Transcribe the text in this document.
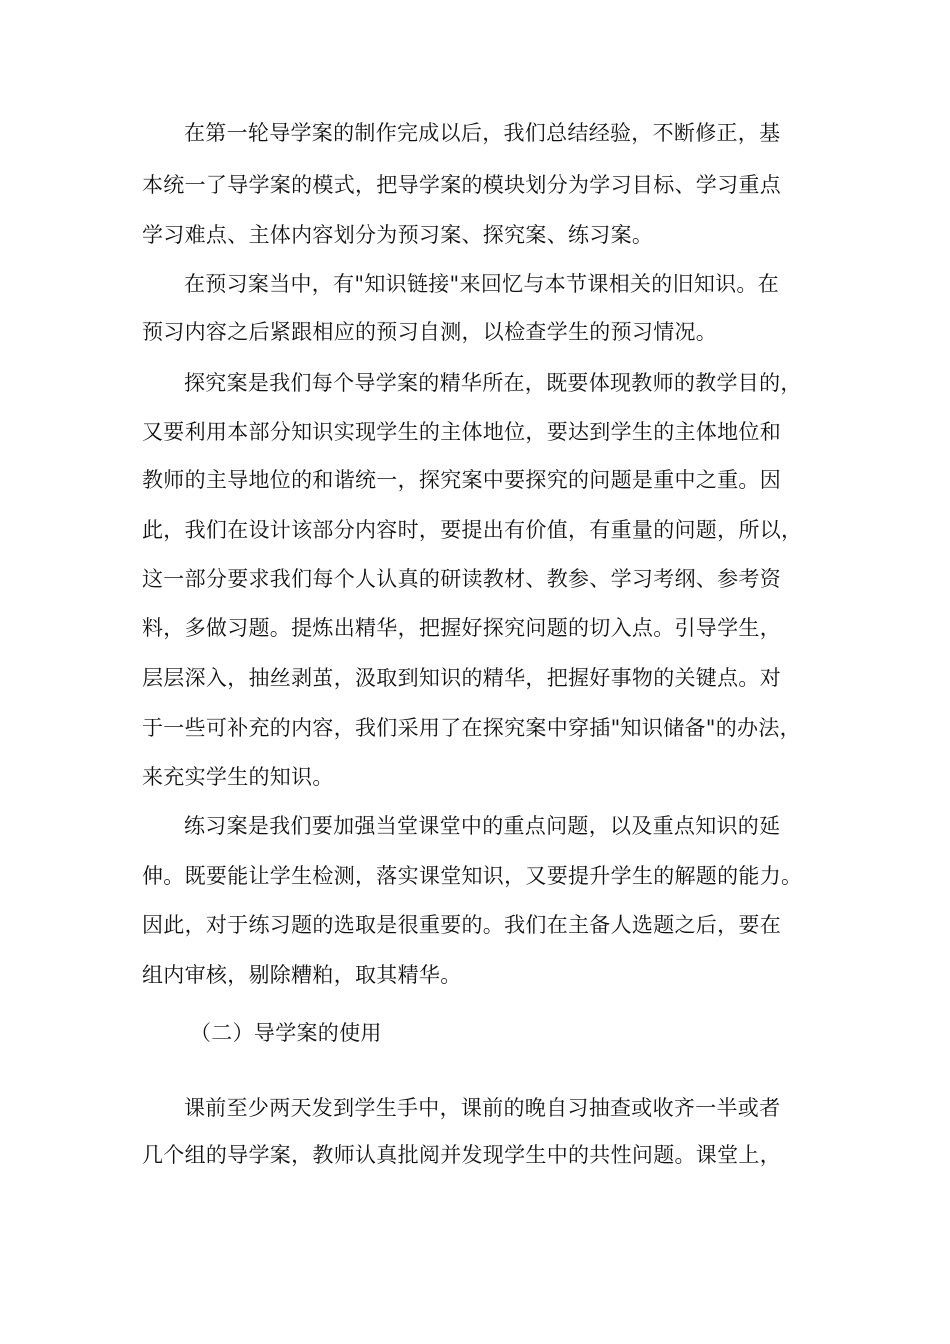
在第一轮导学案的制作完成以后，我们总结经验，不断修正，基
本统一了导学案的模式，把导学案的模块划分为学习目标、学习重点
学习难点、主体内容划分为预习案、探究案、练习案。
在预习案当中，有"知识链接"来回忆与本节课相关的旧知识。在
预习内容之后紧跟相应的预习自测，以检查学生的预习情况。
探究案是我们每个导学案的精华所在，既要体现教师的教学目的，
又要利用本部分知识实现学生的主体地位，要达到学生的主体地位和
教师的主导地位的和谐统一，探究案中要探究的问题是重中之重。因
此，我们在设计该部分内容时，要提出有价值，有重量的问题，所以，
这一部分要求我们每个人认真的研读教材、教参、学习考纲、参考资
料，多做习题。提炼出精华，把握好探究问题的切入点。引导学生，
层层深入，抽丝剥茧，汲取到知识的精华，把握好事物的关键点。对
于一些可补充的内容，我们采用了在探究案中穿插"知识储备"的办法，
来充实学生的知识。
练习案是我们要加强当堂课堂中的重点问题，以及重点知识的延
伸。既要能让学生检测，落实课堂知识，又要提升学生的解题的能力。
因此，对于练习题的选取是很重要的。我们在主备人选题之后，要在
组内审核，剔除糟粕，取其精华。
（二）导学案的使用
课前至少两天发到学生手中，课前的晚自习抽查或收齐一半或者
几个组的导学案，教师认真批阅并发现学生中的共性问题。课堂上，
